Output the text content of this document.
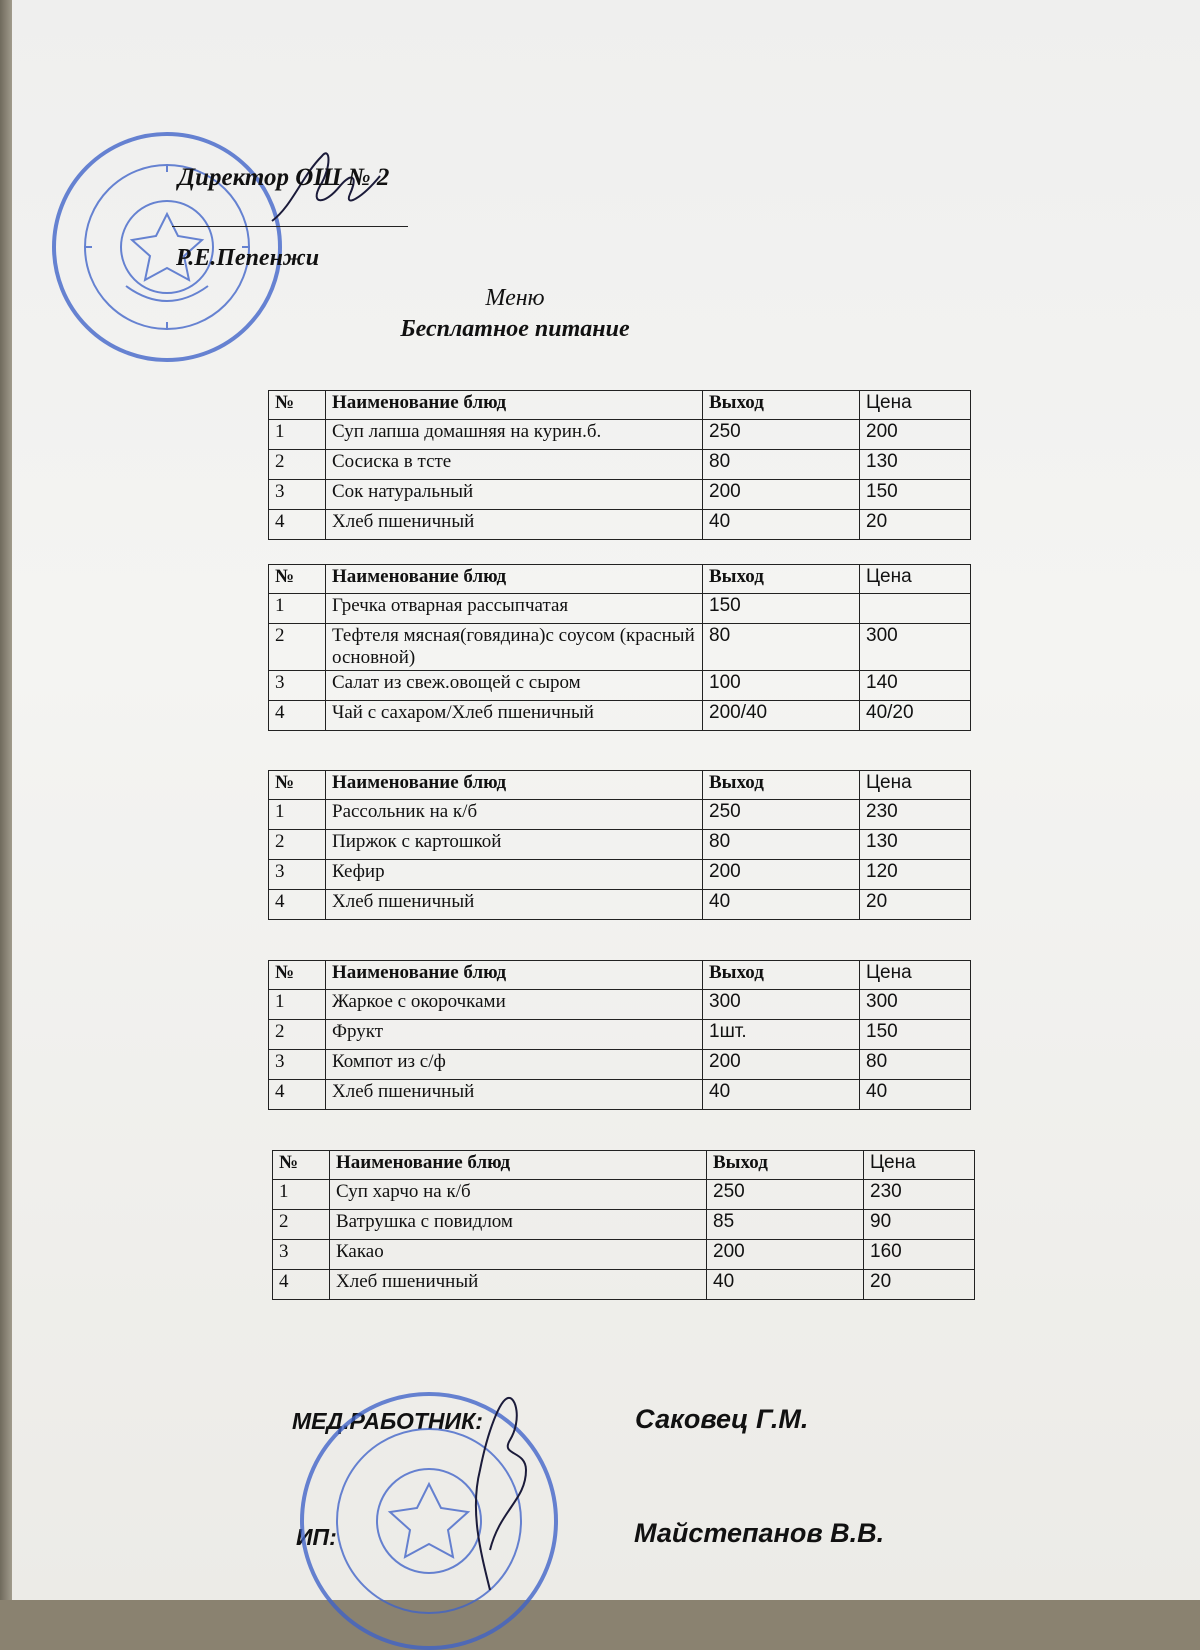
Директор ОШ № 2
Р.Е.Пепенжи
Меню
Бесплатное питание
№	Наименование блюд	Выход	Цена
1	Суп лапша домашняя на курин.б.	250	200
2	Сосиска в тсте	80	130
3	Сок натуральный	200	150
4	Хлеб пшеничный	40	20
№	Наименование блюд	Выход	Цена
1	Гречка отварная рассыпчатая	150	
2	Тефтеля мясная(говядина)с соусом (красный основной)	80	300
3	Салат из свеж.овощей с сыром	100	140
4	Чай с сахаром/Хлеб пшеничный	200/40	40/20
№	Наименование блюд	Выход	Цена
1	Рассольник на к/б	250	230
2	Пиржок с картошкой	80	130
3	Кефир	200	120
4	Хлеб пшеничный	40	20
№	Наименование блюд	Выход	Цена
1	Жаркое с окорочками	300	300
2	Фрукт	1шт.	150
3	Компот из с/ф	200	80
4	Хлеб пшеничный	40	40
№	Наименование блюд	Выход	Цена
1	Суп харчо на к/б	250	230
2	Ватрушка с повидлом	85	90
3	Какао	200	160
4	Хлеб пшеничный	40	20
МЕД.РАБОТНИК:	Саковец Г.М.
ИП:	Майстепанов В.В.
